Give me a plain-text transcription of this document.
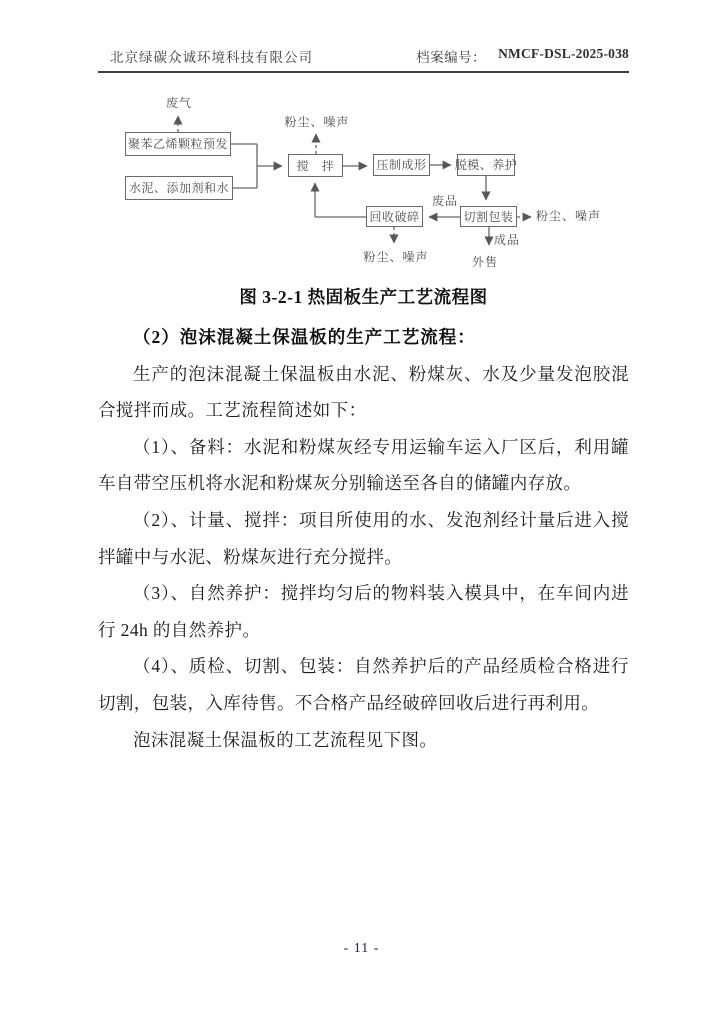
北京绿碳众诚环境科技有限公司	档案编号： NMCF-DSL-2025-038
聚苯乙烯颗粒预发
水泥、添加剂和水
搅　拌	压制成形 脱模、养护
切割包装
回收破碎
废气
粉尘、噪声
废品
粉尘、噪声
成品
外售
粉尘、噪声
图 3-2-1 热固板生产工艺流程图

（2）泡沫混凝土保温板的生产工艺流程：

生产的泡沫混凝土保温板由水泥、粉煤灰、水及少量发泡胶混合搅拌而成。工艺流程简述如下：

（1）、备料：水泥和粉煤灰经专用运输车运入厂区后，利用罐车自带空压机将水泥和粉煤灰分别输送至各自的储罐内存放。

（2）、计量、搅拌：项目所使用的水、发泡剂经计量后进入搅拌罐中与水泥、粉煤灰进行充分搅拌。

（3）、自然养护：搅拌均匀后的物料装入模具中，在车间内进行 24h 的自然养护。

（4）、质检、切割、包装：自然养护后的产品经质检合格进行切割，包装，入库待售。不合格产品经破碎回收后进行再利用。

泡沫混凝土保温板的工艺流程见下图。

- 11 -
